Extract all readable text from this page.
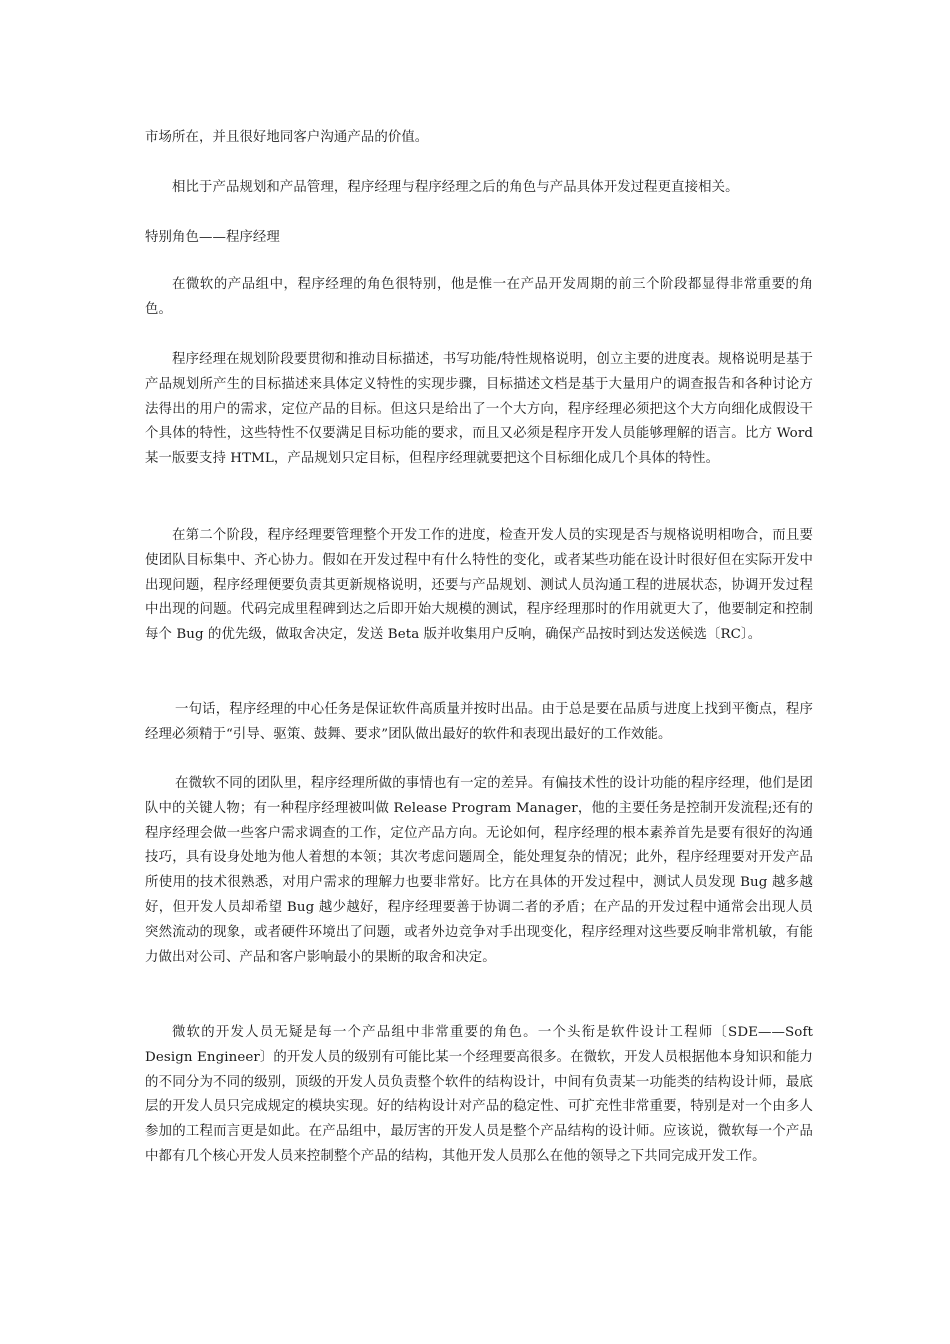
市场所在，并且很好地同客户沟通产品的价值。

相比于产品规划和产品管理，程序经理与程序经理之后的角色与产品具体开发过程更直接相关。

特别角色——程序经理

在微软的产品组中，程序经理的角色很特别，他是惟一在产品开发周期的前三个阶段都显得非常重要的角色。

程序经理在规划阶段要贯彻和推动目标描述，书写功能/特性规格说明，创立主要的进度表。规格说明是基于产品规划所产生的目标描述来具体定义特性的实现步骤，目标描述文档是基于大量用户的调查报告和各种讨论方法得出的用户的需求，定位产品的目标。但这只是给出了一个大方向，程序经理必须把这个大方向细化成假设干个具体的特性，这些特性不仅要满足目标功能的要求，而且又必须是程序开发人员能够理解的语言。比方 Word 某一版要支持 HTML，产品规划只定目标，但程序经理就要把这个目标细化成几个具体的特性。

在第二个阶段，程序经理要管理整个开发工作的进度，检查开发人员的实现是否与规格说明相吻合，而且要使团队目标集中、齐心协力。假如在开发过程中有什么特性的变化，或者某些功能在设计时很好但在实际开发中出现问题，程序经理便要负责其更新规格说明，还要与产品规划、测试人员沟通工程的进展状态，协调开发过程中出现的问题。代码完成里程碑到达之后即开始大规模的测试，程序经理那时的作用就更大了，他要制定和控制每个 Bug 的优先级，做取舍决定，发送 Beta 版并收集用户反响，确保产品按时到达发送候选〔RC〕。

一句话，程序经理的中心任务是保证软件高质量并按时出品。由于总是要在品质与进度上找到平衡点，程序经理必须精于“引导、驱策、鼓舞、要求”团队做出最好的软件和表现出最好的工作效能。

在微软不同的团队里，程序经理所做的事情也有一定的差异。有偏技术性的设计功能的程序经理，他们是团队中的关键人物；有一种程序经理被叫做 Release Program Manager，他的主要任务是控制开发流程;还有的程序经理会做一些客户需求调查的工作，定位产品方向。无论如何，程序经理的根本素养首先是要有很好的沟通技巧，具有设身处地为他人着想的本领；其次考虑问题周全，能处理复杂的情况；此外，程序经理要对开发产品所使用的技术很熟悉，对用户需求的理解力也要非常好。比方在具体的开发过程中，测试人员发现 Bug 越多越好，但开发人员却希望 Bug 越少越好，程序经理要善于协调二者的矛盾；在产品的开发过程中通常会出现人员突然流动的现象，或者硬件环境出了问题，或者外边竞争对手出现变化，程序经理对这些要反响非常机敏，有能力做出对公司、产品和客户影响最小的果断的取舍和决定。

微软的开发人员无疑是每一个产品组中非常重要的角色。一个头衔是软件设计工程师〔SDE——Soft Design Engineer〕的开发人员的级别有可能比某一个经理要高很多。在微软，开发人员根据他本身知识和能力的不同分为不同的级别，顶级的开发人员负责整个软件的结构设计，中间有负责某一功能类的结构设计师，最底层的开发人员只完成规定的模块实现。好的结构设计对产品的稳定性、可扩充性非常重要，特别是对一个由多人参加的工程而言更是如此。在产品组中，最厉害的开发人员是整个产品结构的设计师。应该说，微软每一个产品中都有几个核心开发人员来控制整个产品的结构，其他开发人员那么在他的领导之下共同完成开发工作。
